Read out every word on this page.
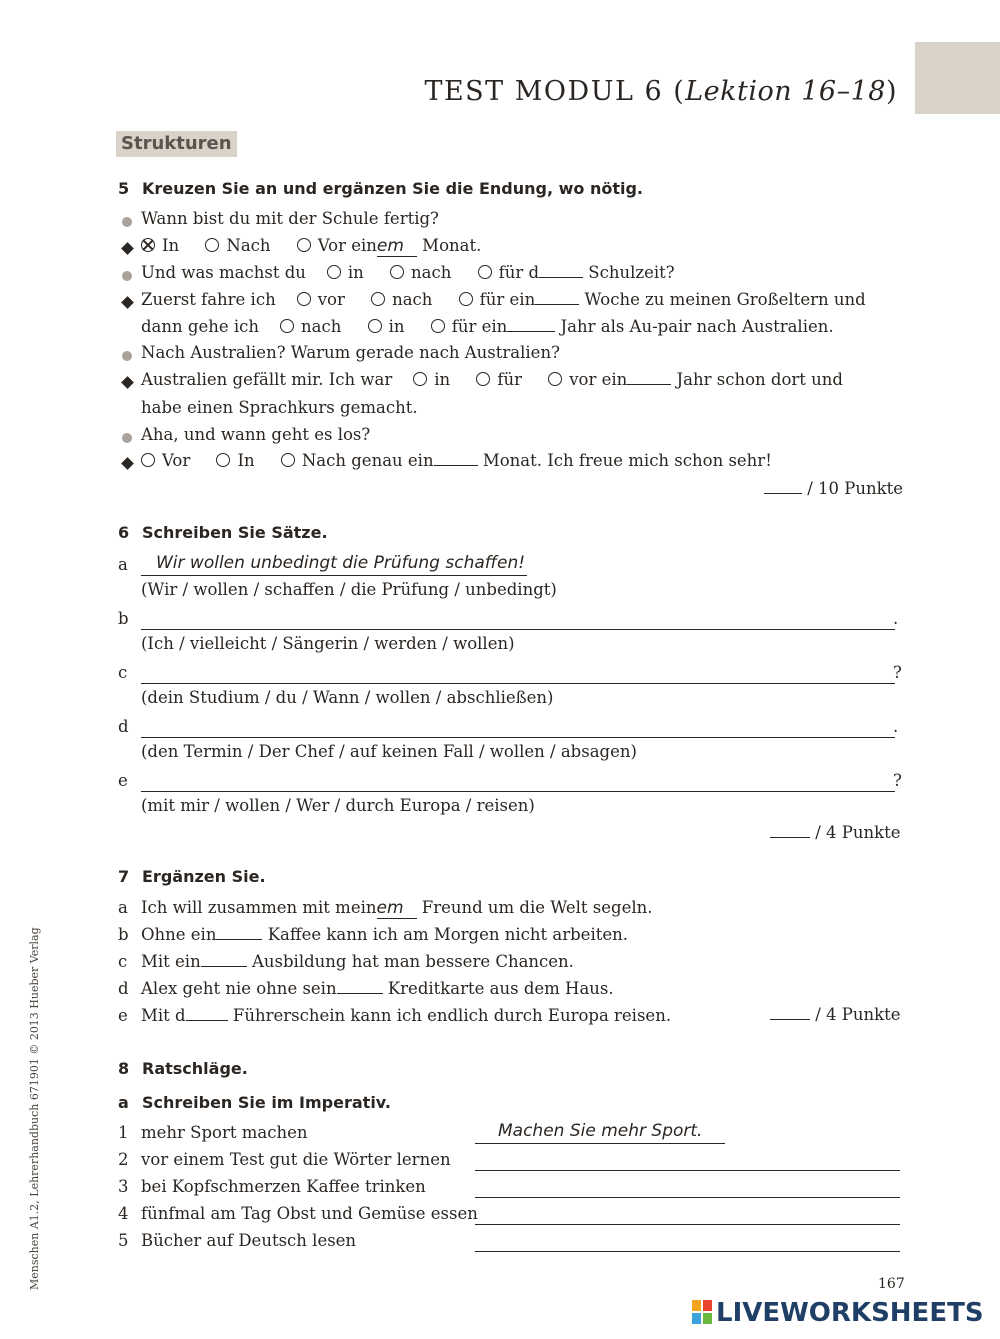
TEST MODUL 6 (Lektion 16–18)
Strukturen
5 Kreuzen Sie an und ergänzen Sie die Endung, wo nötig.
Wann bist du mit der Schule fertig?
In	Nach	Vor einem Monat.
Und was machst du	in	nach	für d	Schulzeit?
Zuerst fahre ich	vor	nach	für ein	Woche zu meinen Großeltern und
dann gehe ich	nach	in	für ein	Jahr als Au-pair nach Australien.
Nach Australien? Warum gerade nach Australien?
Australien gefällt mir. Ich war	in	für	vor ein	Jahr schon dort und
habe einen Sprachkurs gemacht.
Aha, und wann geht es los?
Vor	In	Nach genau ein	Monat. Ich freue mich schon sehr!
/ 10 Punkte
6 Schreiben Sie Sätze.
a	Wir wollen unbedingt die Prüfung schaffen!
(Wir / wollen / schaffen / die Prüfung / unbedingt)
b	.
(Ich / vielleicht / Sängerin / werden / wollen)
c	?
(dein Studium / du / Wann / wollen / abschließen)
d	.
(den Termin / Der Chef / auf keinen Fall / wollen / absagen)
e	?
(mit mir / wollen / Wer / durch Europa / reisen)
/ 4 Punkte
7 Ergänzen Sie.
a Ich will zusammen mit meinem Freund um die Welt segeln.
b Ohne ein	Kaffee kann ich am Morgen nicht arbeiten.
c Mit ein	Ausbildung hat man bessere Chancen.
d Alex geht nie ohne sein	Kreditkarte aus dem Haus.
e Mit d	Führerschein kann ich endlich durch Europa reisen.	/ 4 Punkte
8 Ratschläge.
a Schreiben Sie im Imperativ.
1 mehr Sport machen	Machen Sie mehr Sport.
2 vor einem Test gut die Wörter lernen
3 bei Kopfschmerzen Kaffee trinken
4 fünfmal am Tag Obst und Gemüse essen
5 Bücher auf Deutsch lesen
Menschen A1.2, Lehrerhandbuch 671901 © 2013 Hueber Verlag	167
LIVEWORKSHEETS
